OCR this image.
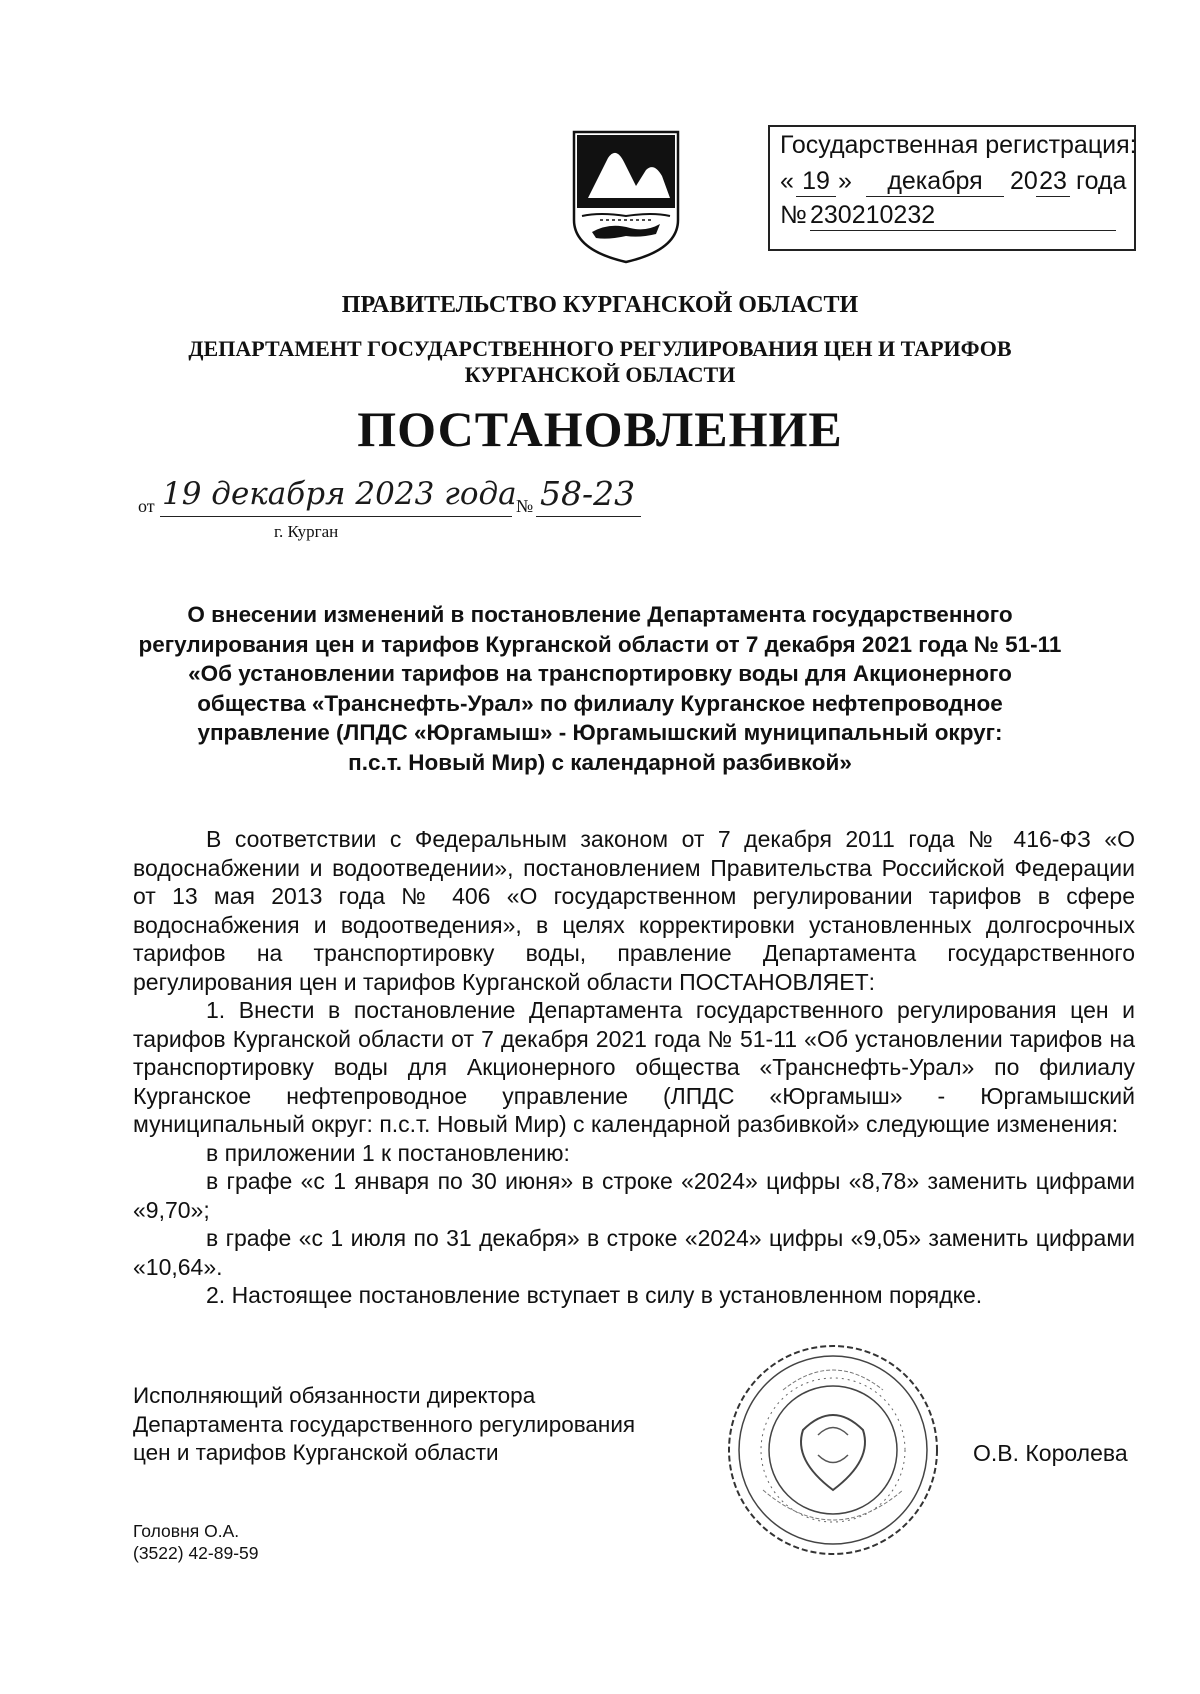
Государственная регистрация:
« 19 »	декабря	20 23 года
№ 230210232
ПРАВИТЕЛЬСТВО КУРГАНСКОЙ ОБЛАСТИ
ДЕПАРТАМЕНТ ГОСУДАРСТВЕННОГО РЕГУЛИРОВАНИЯ ЦЕН И ТАРИФОВ
КУРГАНСКОЙ ОБЛАСТИ
ПОСТАНОВЛЕНИЕ
от 19 декабря 2023 года № 58-23
г. Курган
О внесении изменений в постановление Департамента государственного
регулирования цен и тарифов Курганской области от 7 декабря 2021 года № 51-11
«Об установлении тарифов на транспортировку воды для Акционерного
общества «Транснефть-Урал» по филиалу Курганское нефтепроводное
управление (ЛПДС «Юргамыш» - Юргамышский муниципальный округ:
п.с.т. Новый Мир) с календарной разбивкой»

В соответствии с Федеральным законом от 7 декабря 2011 года № 416-ФЗ «О водоснабжении и водоотведении», постановлением Правительства Российской Федерации от 13 мая 2013 года № 406 «О государственном регулировании тарифов в сфере водоснабжения и водоотведения», в целях корректировки установленных долгосрочных тарифов на транспортировку воды, правление Департамента государственного регулирования цен и тарифов Курганской области ПОСТАНОВЛЯЕТ:

1. Внести в постановление Департамента государственного регулирования цен и тарифов Курганской области от 7 декабря 2021 года № 51-11 «Об установлении тарифов на транспортировку воды для Акционерного общества «Транснефть-Урал» по филиалу Курганское нефтепроводное управление (ЛПДС «Юргамыш» - Юргамышский муниципальный округ: п.с.т. Новый Мир) с календарной разбивкой» следующие изменения:

в приложении 1 к постановлению:

в графе «с 1 января по 30 июня» в строке «2024» цифры «8,78» заменить цифрами «9,70»;

в графе «с 1 июля по 31 декабря» в строке «2024» цифры «9,05» заменить цифрами «10,64».

2. Настоящее постановление вступает в силу в установленном порядке.

Исполняющий обязанности директора
Департамента государственного регулирования
цен и тарифов Курганской области	О.В. Королева
Головня О.А.
(3522) 42-89-59
